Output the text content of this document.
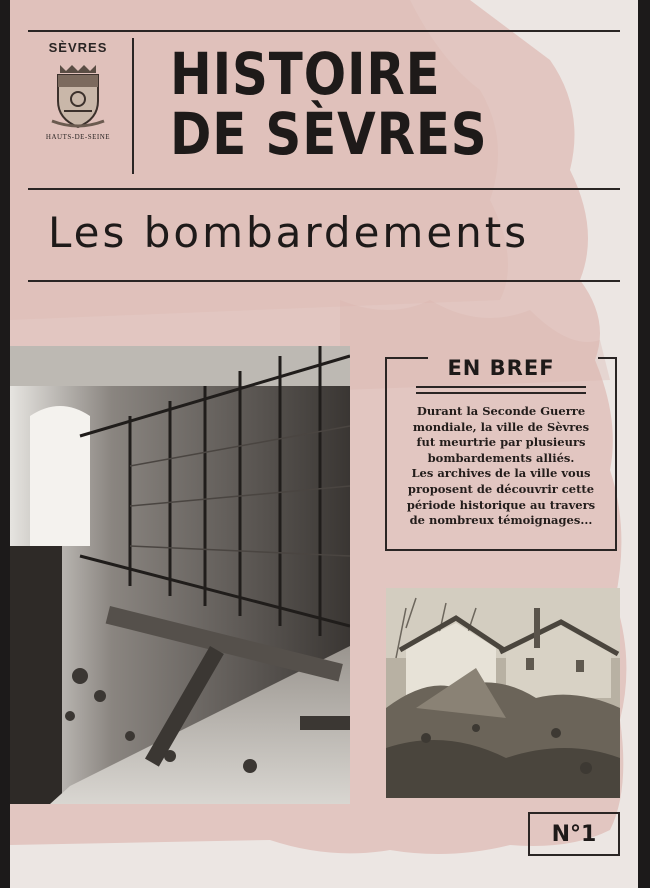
SÈVRES
HAUTS-DE-SEINE
HISTOIRE
DE SÈVRES
Les bombardements
EN BREF
Durant la Seconde Guerre
mondiale, la ville de Sèvres
fut meurtrie par plusieurs
bombardements alliés.
Les archives de la ville vous
proposent de découvrir cette
période historique au travers
de nombreux témoignages...
N°1
